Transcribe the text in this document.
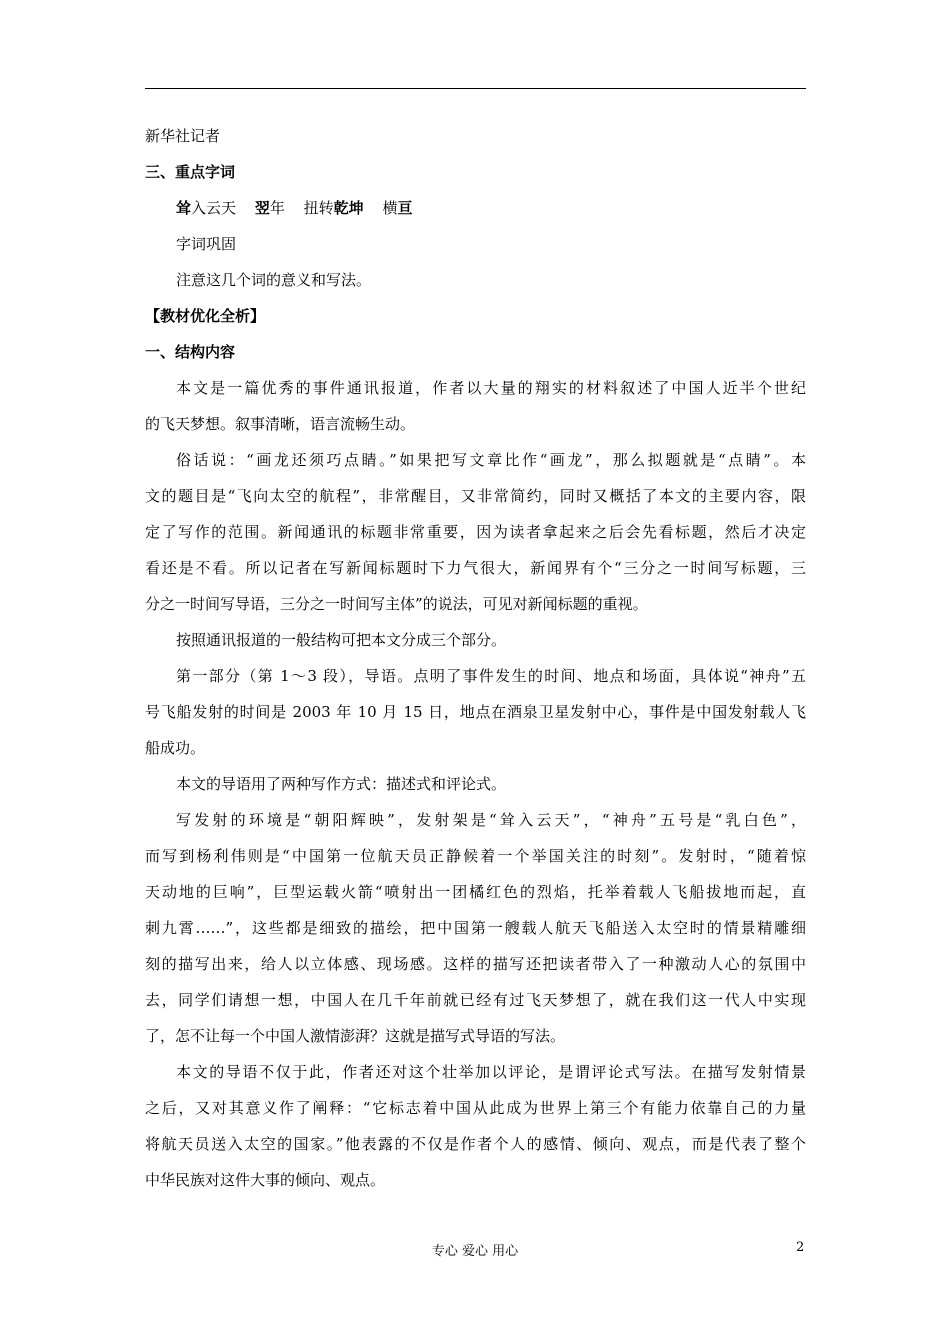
新华社记者
三、重点字词
耸入云天 翌年 扭转乾坤 横亘
字词巩固
注意这几个词的意义和写法。
【教材优化全析】
一、结构内容
本文是一篇优秀的事件通讯报道，作者以大量的翔实的材料叙述了中国人近半个世纪
的飞天梦想。叙事清晰，语言流畅生动。
俗话说：“画龙还须巧点睛。”如果把写文章比作“画龙”，那么拟题就是“点睛”。本
文的题目是“飞向太空的航程”，非常醒目，又非常简约，同时又概括了本文的主要内容，限
定了写作的范围。新闻通讯的标题非常重要，因为读者拿起来之后会先看标题，然后才决定
看还是不看。所以记者在写新闻标题时下力气很大，新闻界有个“三分之一时间写标题，三
分之一时间写导语，三分之一时间写主体”的说法，可见对新闻标题的重视。
按照通讯报道的一般结构可把本文分成三个部分。
第一部分（第 1～3 段），导语。点明了事件发生的时间、地点和场面，具体说“神舟”五
号飞船发射的时间是 2003 年 10 月 15 日，地点在酒泉卫星发射中心，事件是中国发射载人飞
船成功。
本文的导语用了两种写作方式：描述式和评论式。
写发射的环境是“朝阳辉映”，发射架是“耸入云天”，“神舟”五号是“乳白色”，
而写到杨利伟则是“中国第一位航天员正静候着一个举国关注的时刻”。发射时，“随着惊
天动地的巨响”，巨型运载火箭“喷射出一团橘红色的烈焰，托举着载人飞船拔地而起，直
刺九霄……”，这些都是细致的描绘，把中国第一艘载人航天飞船送入太空时的情景精雕细
刻的描写出来，给人以立体感、现场感。这样的描写还把读者带入了一种激动人心的氛围中
去，同学们请想一想，中国人在几千年前就已经有过飞天梦想了，就在我们这一代人中实现
了，怎不让每一个中国人激情澎湃？这就是描写式导语的写法。
本文的导语不仅于此，作者还对这个壮举加以评论，是谓评论式写法。在描写发射情景
之后，又对其意义作了阐释：“它标志着中国从此成为世界上第三个有能力依靠自己的力量
将航天员送入太空的国家。”他表露的不仅是作者个人的感情、倾向、观点，而是代表了整个
中华民族对这件大事的倾向、观点。
专心 爱心 用心	2
